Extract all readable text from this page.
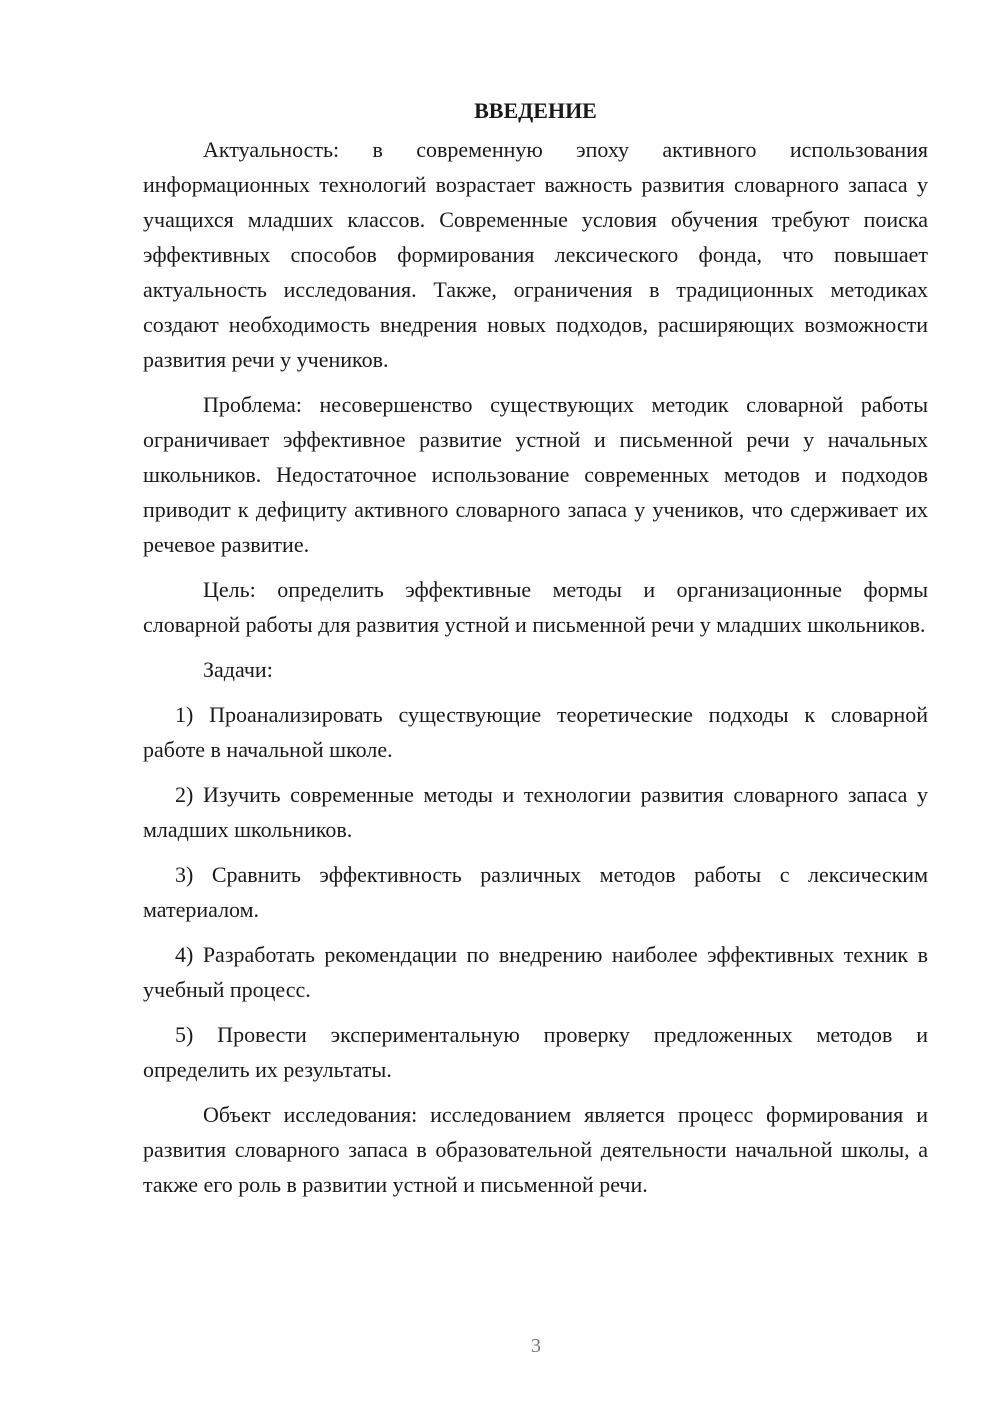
ВВЕДЕНИЕ

Актуальность: в современную эпоху активного использования информационных технологий возрастает важность развития словарного запаса у учащихся младших классов. Современные условия обучения требуют поиска эффективных способов формирования лексического фонда, что повышает актуальность исследования. Также, ограничения в традиционных методиках создают необходимость внедрения новых подходов, расширяющих возможности развития речи у учеников.

Проблема: несовершенство существующих методик словарной работы ограничивает эффективное развитие устной и письменной речи у начальных школьников. Недостаточное использование современных методов и подходов приводит к дефициту активного словарного запаса у учеников, что сдерживает их речевое развитие.

Цель: определить эффективные методы и организационные формы словарной работы для развития устной и письменной речи у младших школьников.

Задачи:

1) Проанализировать существующие теоретические подходы к словарной работе в начальной школе.

2) Изучить современные методы и технологии развития словарного запаса у младших школьников.

3) Сравнить эффективность различных методов работы с лексическим материалом.

4) Разработать рекомендации по внедрению наиболее эффективных техник в учебный процесс.

5) Провести экспериментальную проверку предложенных методов и определить их результаты.

Объект исследования: исследованием является процесс формирования и развития словарного запаса в образовательной деятельности начальной школы, а также его роль в развитии устной и письменной речи.

3
